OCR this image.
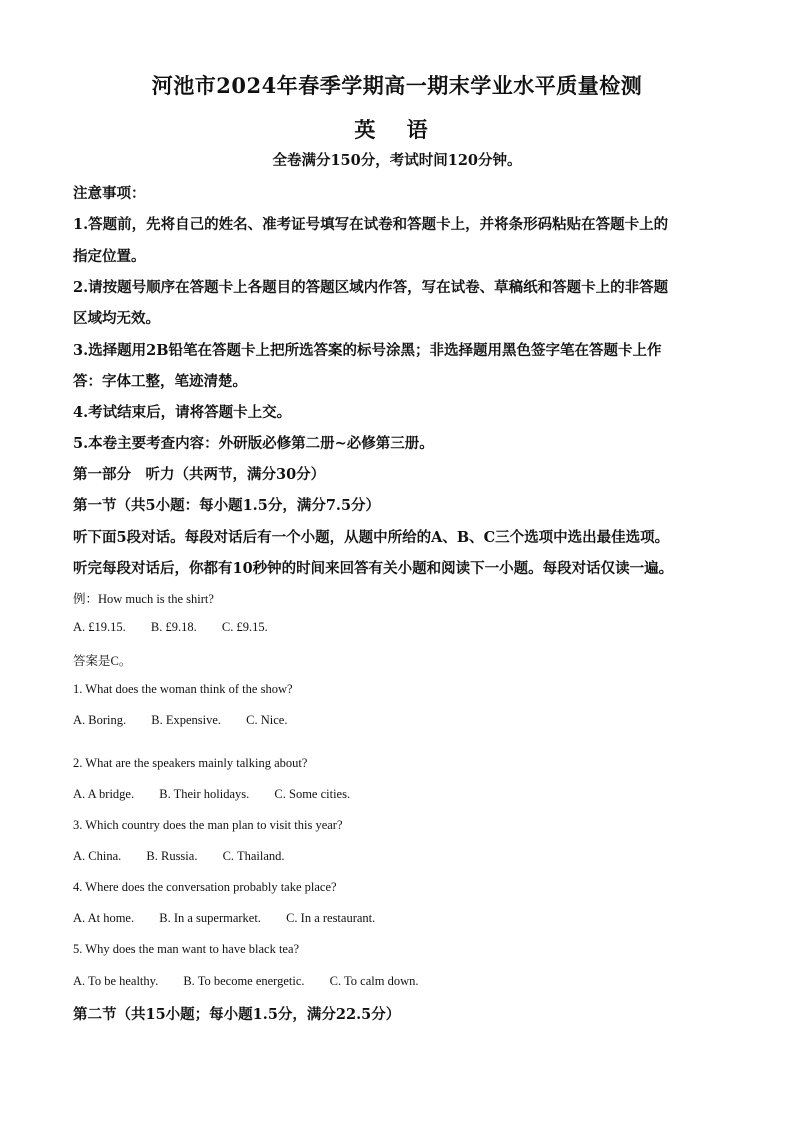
河池市2024年春季学期高一期末学业水平质量检测
英 语
全卷满分150分，考试时间120分钟。
注意事项：
1.答题前，先将自己的姓名、准考证号填写在试卷和答题卡上，并将条形码粘贴在答题卡上的
指定位置。
2.请按题号顺序在答题卡上各题目的答题区域内作答，写在试卷、草稿纸和答题卡上的非答题
区域均无效。
3.选择题用2B铅笔在答题卡上把所选答案的标号涂黑；非选择题用黑色签字笔在答题卡上作
答：字体工整，笔迹清楚。
4.考试结束后，请将答题卡上交。
5.本卷主要考查内容：外研版必修第二册~必修第三册。
第一部分　听力（共两节，满分30分）
第一节（共5小题：每小题1.5分，满分7.5分）
听下面5段对话。每段对话后有一个小题，从题中所给的A、B、C三个选项中选出最佳选项。
听完每段对话后，你都有10秒钟的时间来回答有关小题和阅读下一小题。每段对话仅读一遍。
例：How much is the shirt?
A. £19.15. B. £9.18. C. £9.15.
答案是C。
1. What does the woman think of the show?
A. Boring. B. Expensive. C. Nice.
2. What are the speakers mainly talking about?
A. A bridge. B. Their holidays. C. Some cities.
3. Which country does the man plan to visit this year?
A. China. B. Russia. C. Thailand.
4. Where does the conversation probably take place?
A. At home. B. In a supermarket. C. In a restaurant.
5. Why does the man want to have black tea?
A. To be healthy. B. To become energetic. C. To calm down.
第二节（共15小题；每小题1.5分，满分22.5分）
